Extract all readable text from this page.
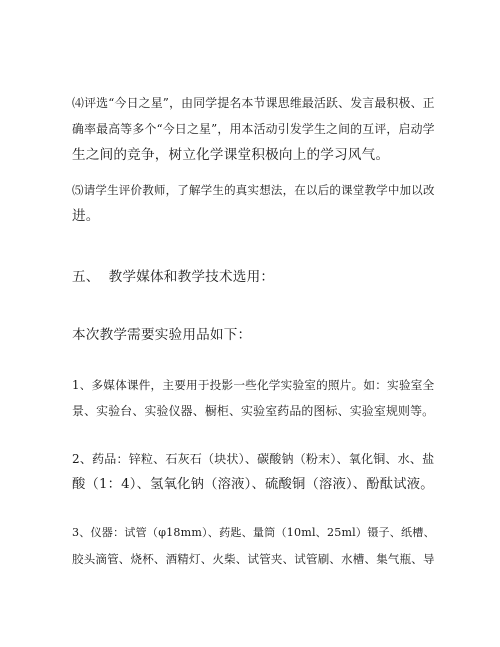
⑷评选“今日之星”，由同学提名本节课思维最活跃、发言最积极、正
确率最高等多个“今日之星”，用本活动引发学生之间的互评，启动学
生之间的竞争，树立化学课堂积极向上的学习风气。
⑸请学生评价教师，了解学生的真实想法，在以后的课堂教学中加以改
进。

五、  教学媒体和教学技术选用：

本次教学需要实验用品如下：

1、多媒体课件，主要用于投影一些化学实验室的照片。如：实验室全
景、实验台、实验仪器、橱柜、实验室药品的图标、实验室规则等。
2、药品：锌粒、石灰石（块状）、碳酸钠（粉末）、氧化铜、水、盐
酸（1：4）、氢氧化钠（溶液）、硫酸铜（溶液）、酚酞试液。
3、仪器：试管（φ18mm）、药匙、量筒（10ml、25ml）镊子、纸槽、
胶头滴管、烧杯、酒精灯、火柴、试管夹、试管刷、水槽、集气瓶、导
